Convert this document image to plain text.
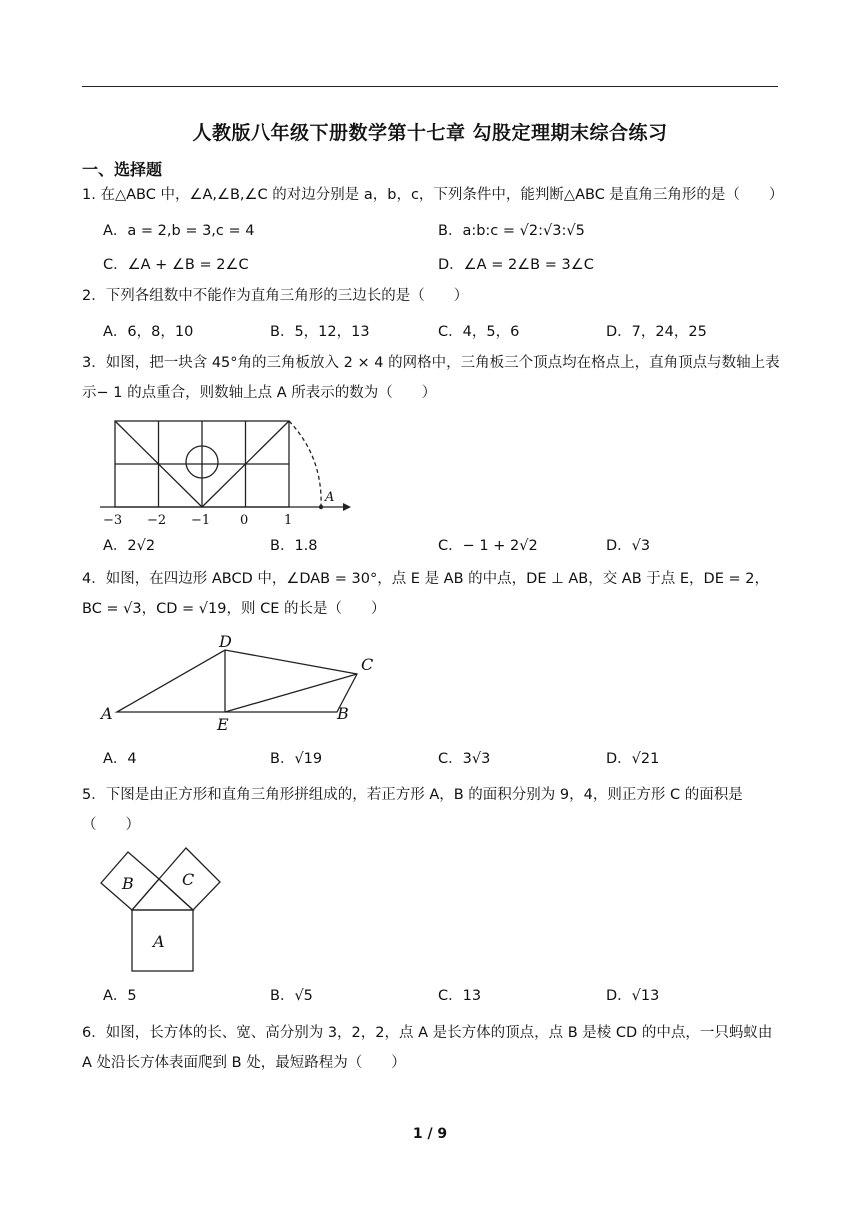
人教版八年级下册数学第十七章 勾股定理期末综合练习
一、选择题
1. 在△ABC 中，∠A,∠B,∠C 的对边分别是 a，b，c，下列条件中，能判断△ABC 是直角三角形的是（　　）
A．a = 2,b = 3,c = 4	B．a:b:c = √2:√3:√5
C．∠A + ∠B = 2∠C	D．∠A = 2∠B = 3∠C
2．下列各组数中不能作为直角三角形的三边长的是（　　）
A．6，8，10	B．5，12，13	C．4，5，6	D．7，24，25
3．如图，把一块含 45°角的三角板放入 2 × 4 的网格中，三角板三个顶点均在格点上，直角顶点与数轴上表示− 1 的点重合，则数轴上点 A 所表示的数为（　　）
A
−3 −2 −1 0	1
A．2√2	B．1.8	C．− 1 + 2√2	D．√3
4．如图，在四边形 ABCD 中，∠DAB = 30°，点 E 是 AB 的中点，DE ⊥ AB，交 AB 于点 E，DE = 2，BC = √3，CD = √19，则 CE 的长是（　　）
A	B
C
D
E
A．4	B．√19	C．3√3	D．√21
5．下图是由正方形和直角三角形拼组成的，若正方形 A，B 的面积分别为 9，4，则正方形 C 的面积是（　　）
A
B	C
A．5	B．√5	C．13	D．√13
6．如图，长方体的长、宽、高分别为 3，2，2，点 A 是长方体的顶点，点 B 是棱 CD 的中点，一只蚂蚁由 A 处沿长方体表面爬到 B 处，最短路程为（　　）
1 / 9
